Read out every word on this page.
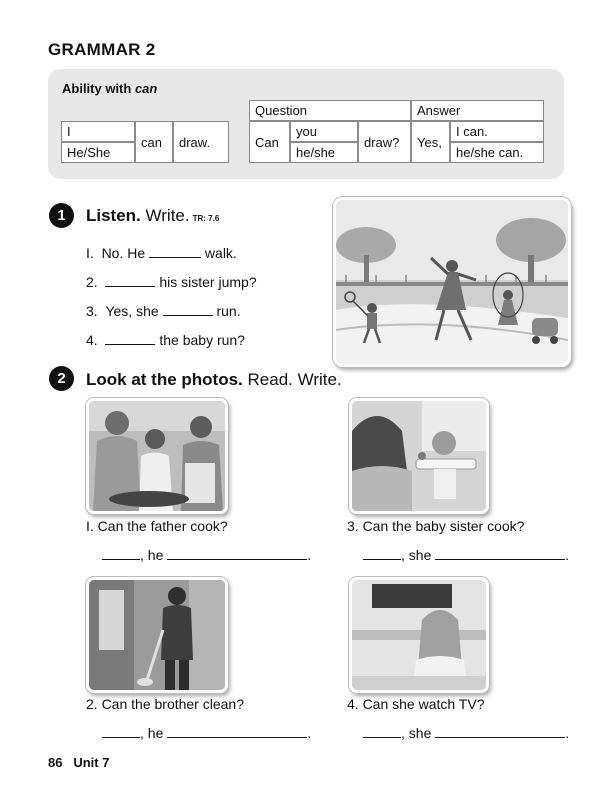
GRAMMAR 2
Ability with can
I	can	draw.
He/She
Question			Answer	
Can	you	draw?	Yes,	I can.
	he/she			he/she can.
1	Listen. Write. TR: 7.6
I. No. He	walk.
2.	his sister jump?
3. Yes, she	run.
4.	the baby run?
2	Look at the photos. Read. Write.
I. Can the father cook?
, he	.
3. Can the baby sister cook?
, she	.
2. Can the brother clean?
, he	.
4. Can she watch TV?
, she	.
86 Unit 7
